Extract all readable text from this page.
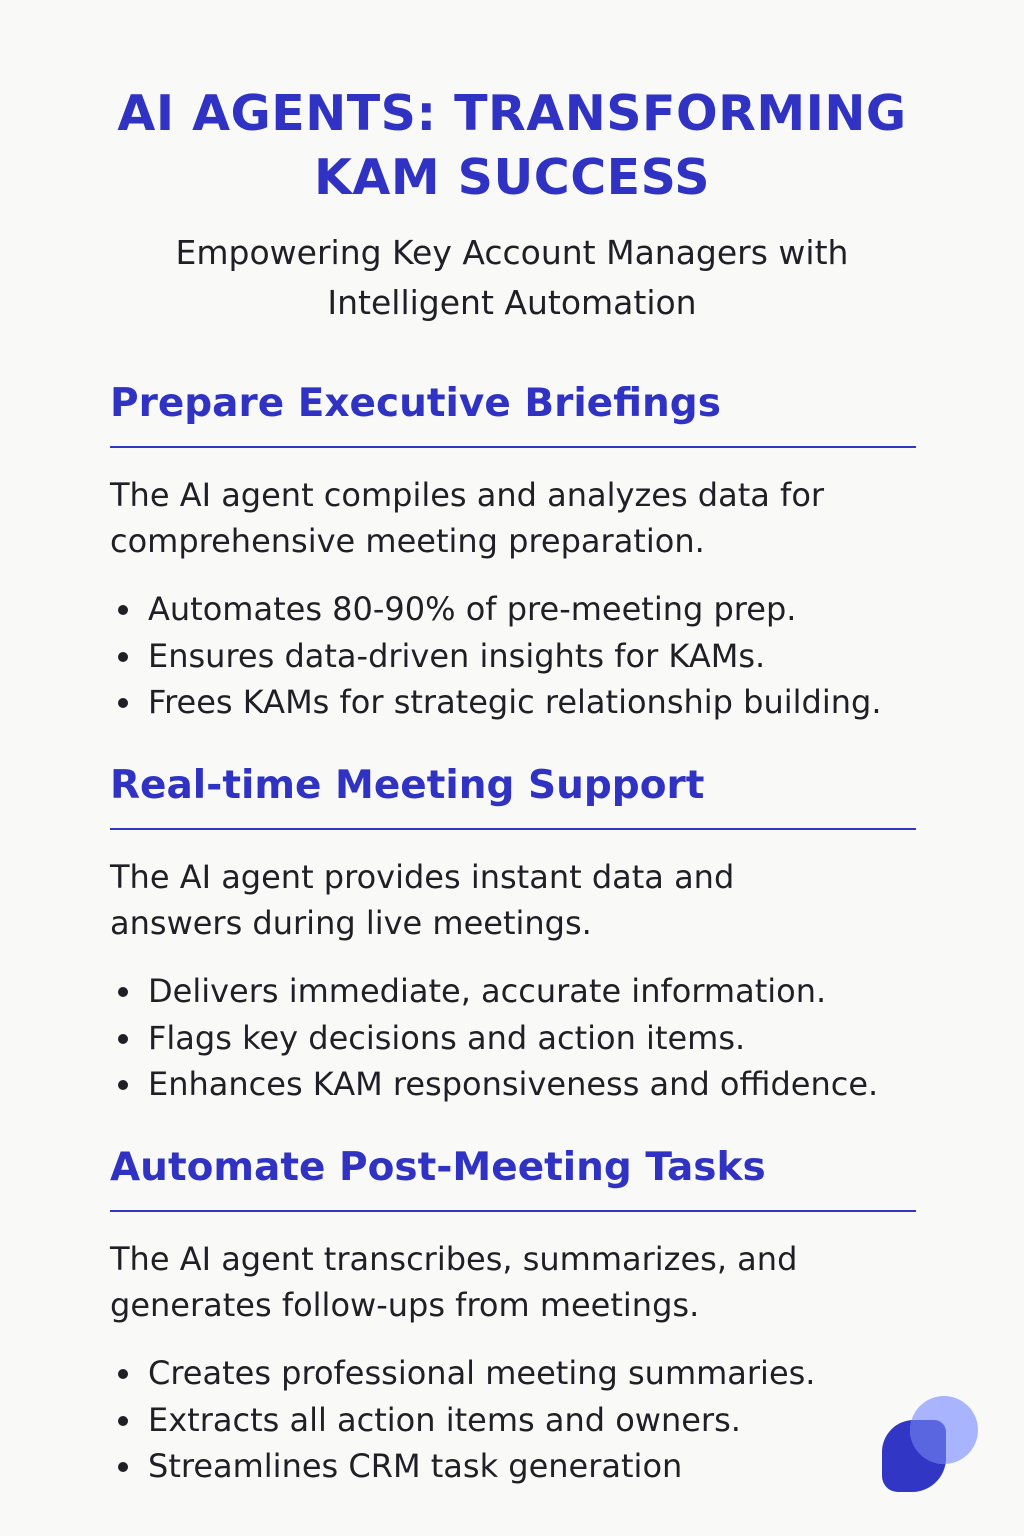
AI AGENTS: TRANSFORMING KAM SUCCESS

Empowering Key Account Managers with Intelligent Automation

Prepare Executive Briefings

The AI agent compiles and analyzes data for comprehensive meeting preparation.

Automates 80-90% of pre-meeting prep.
Ensures data-driven insights for KAMs.
Frees KAMs for strategic relationship building.
Real-time Meeting Support

The AI agent provides instant data and answers during live meetings.

Delivers immediate, accurate information.
Flags key decisions and action items.
Enhances KAM responsiveness and offidence.
Automate Post-Meeting Tasks

The AI agent transcribes, summarizes, and generates follow-ups from meetings.

Creates professional meeting summaries.
Extracts all action items and owners.
Streamlines CRM task generation
